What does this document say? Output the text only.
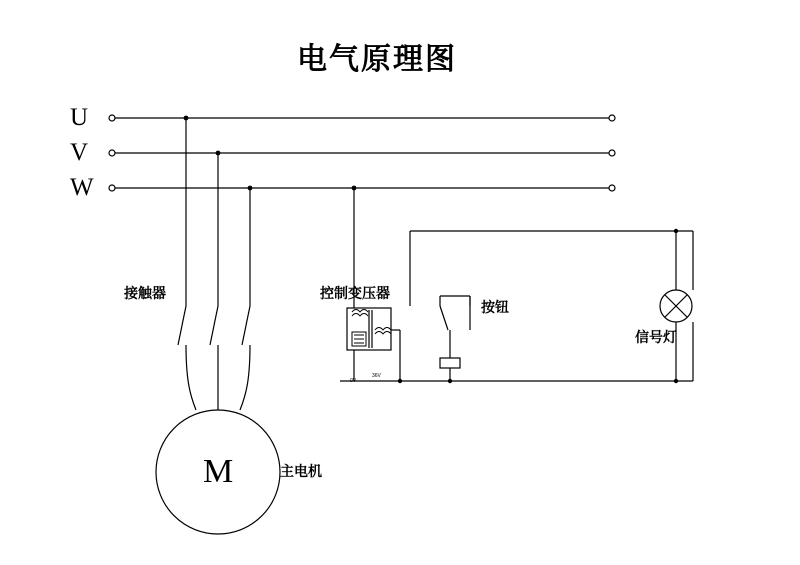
电气原理图
U
V
W
接触器	控制变压器
按钮
信号灯
主电机
M
0V
36V
